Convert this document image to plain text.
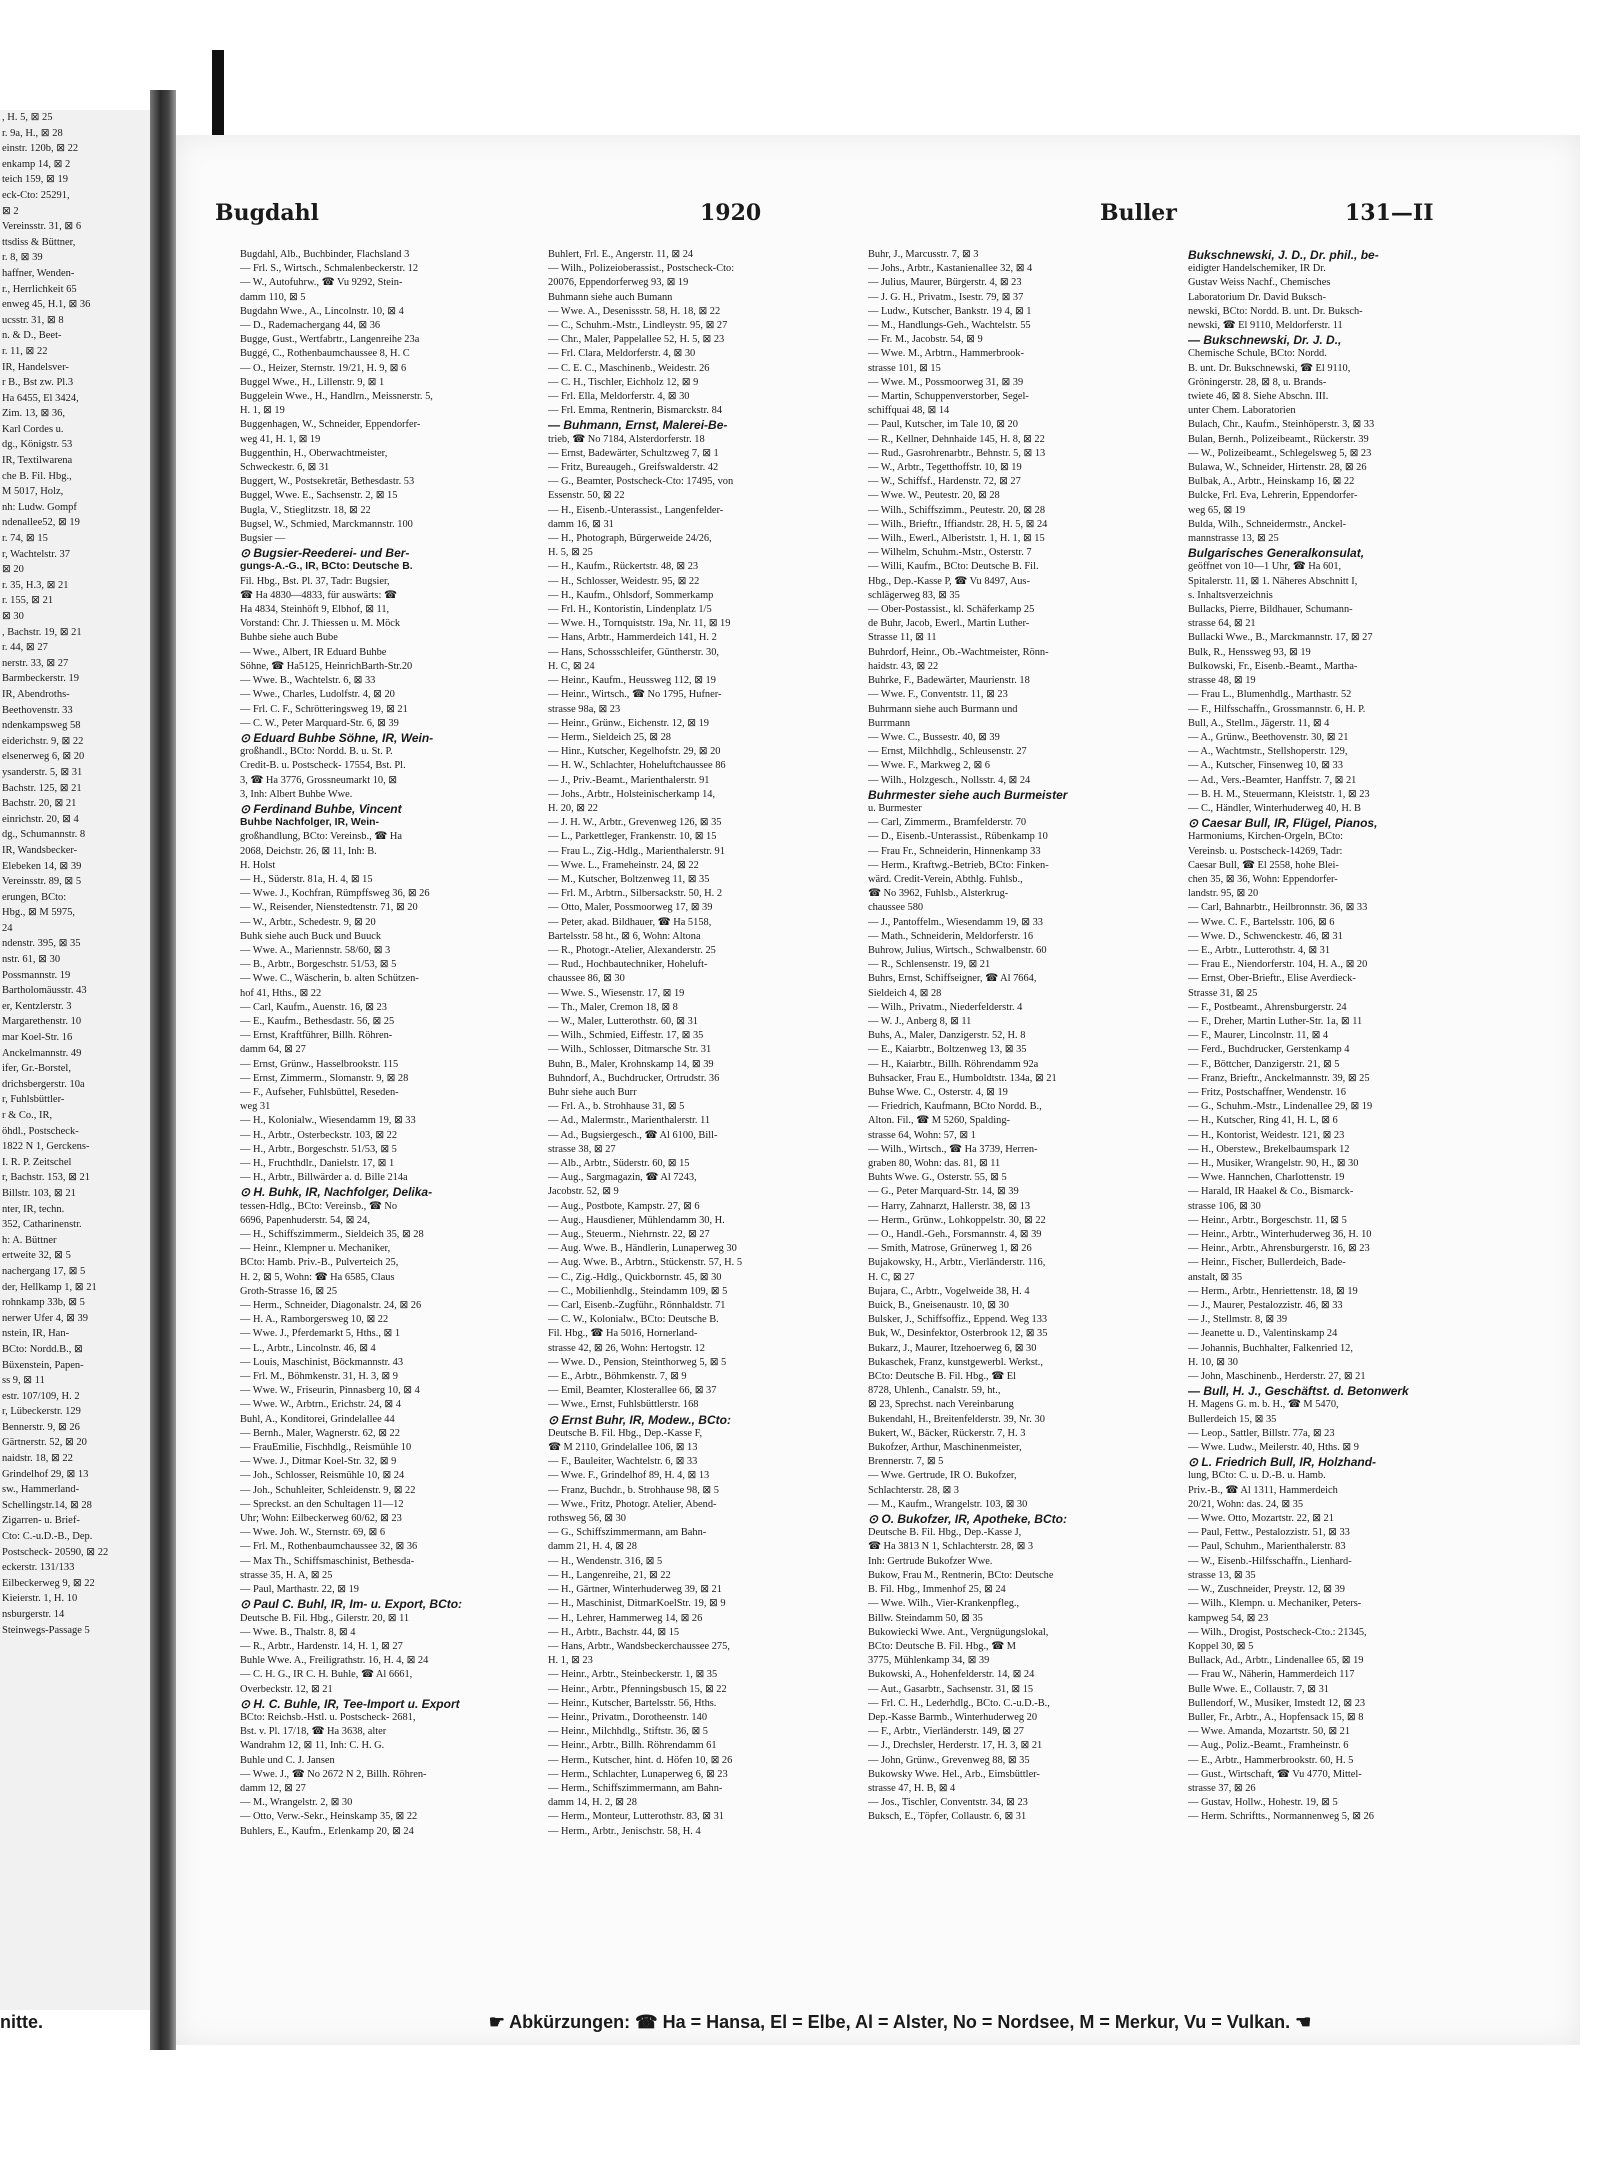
, H. 5, ⊠ 25
r. 9a, H., ⊠ 28
einstr. 120b, ⊠ 22
enkamp 14, ⊠ 2
teich 159, ⊠ 19
eck-Cto: 25291,
⊠ 2
Vereinsstr. 31, ⊠ 6
ttsdiss & Büttner,
r. 8, ⊠ 39
haffner, Wenden-
r., Herrlichkeit 65
enweg 45, H.1, ⊠ 36
ucsstr. 31, ⊠ 8
n. & D., Beet-
r. 11, ⊠ 22
IR, Handelsver-
r B., Bst zw. Pl.3
Ha 6455, El 3424,
Zim. 13, ⊠ 36,
Karl Cordes u.
dg., Königstr. 53
IR, Textilwarena
che B. Fil. Hbg.,
M 5017, Holz,
nh: Ludw. Gompf
ndenallee52, ⊠ 19
r. 74, ⊠ 15
r, Wachtelstr. 37
⊠ 20
r. 35, H.3, ⊠ 21
r. 155, ⊠ 21
⊠ 30
, Bachstr. 19, ⊠ 21
r. 44, ⊠ 27
nerstr. 33, ⊠ 27
Barmbeckerstr. 19
IR, Abendroths-
Beethovenstr. 33
ndenkampsweg 58
eiderichstr. 9, ⊠ 22
elsenerweg 6, ⊠ 20
ysanderstr. 5, ⊠ 31
Bachstr. 125, ⊠ 21
Bachstr. 20, ⊠ 21
einrichstr. 20, ⊠ 4
dg., Schumannstr. 8
IR, Wandsbecker-
Elebeken 14, ⊠ 39
Vereinsstr. 89, ⊠ 5
erungen, BCto:
Hbg., ⊠ M 5975,
24
ndenstr. 395, ⊠ 35
nstr. 61, ⊠ 30
Possmannstr. 19
Bartholomäusstr. 43
er, Kentzlerstr. 3
Margarethenstr. 10
mar Koel-Str. 16
Anckelmannstr. 49
ifer, Gr.-Borstel,
drichsbergerstr. 10a
r, Fuhlsbüttler-
r & Co., IR,
öhdl., Postscheck-
1822 N 1, Gerckens-
I. R. P. Zeitschel
r, Bachstr. 153, ⊠ 21
Billstr. 103, ⊠ 21
nter, IR, techn.
352, Catharinenstr.
h: A. Büttner
ertweite 32, ⊠ 5
nachergang 17, ⊠ 5
der, Hellkamp 1, ⊠ 21
rohnkamp 33b, ⊠ 5
nerwer Ufer 4, ⊠ 39
nstein, IR, Han-
BCto: Nordd.B., ⊠
Büxenstein, Papen-
ss 9, ⊠ 11
estr. 107/109, H. 2
r, Lübeckerstr. 129
Bennerstr. 9, ⊠ 26
Gärtnerstr. 52, ⊠ 20
naidstr. 18, ⊠ 22
Grindelhof 29, ⊠ 13
sw., Hammerland-
Schellingstr.14, ⊠ 28
Zigarren- u. Brief-
Cto: C.-u.D.-B., Dep.
Postscheck- 20590, ⊠ 22
eckerstr. 131/133
Eilbeckerweg 9, ⊠ 22
Kieierstr. 1, H. 10
nsburgerstr. 14
Steinwegs-Passage 5
Bugdahl	1920	Buller	131—II

Bugdahl, Alb., Buchbinder, Flachsland 3

— Frl. S., Wirtsch., Schmalenbeckerstr. 12

— W., Autofuhrw., ☎ Vu 9292, Stein-

damm 110, ⊠ 5

Bugdahn Wwe., A., Lincolnstr. 10, ⊠ 4

— D., Rademachergang 44, ⊠ 36

Bugge, Gust., Wertfabrtr., Langenreihe 23a

Buggé, C., Rothenbaumchaussee 8, H. C

— O., Heizer, Sternstr. 19/21, H. 9, ⊠ 6

Buggel Wwe., H., Lillenstr. 9, ⊠ 1

Buggelein Wwe., H., Handlrn., Meissnerstr. 5,

H. 1, ⊠ 19

Buggenhagen, W., Schneider, Eppendorfer-

weg 41, H. 1, ⊠ 19

Buggenthin, H., Oberwachtmeister,

Schweckestr. 6, ⊠ 31

Buggert, W., Postsekretär, Bethesdastr. 53

Buggel, Wwe. E., Sachsenstr. 2, ⊠ 15

Bugla, V., Stieglitzstr. 18, ⊠ 22

Bugsel, W., Schmied, Marckmannstr. 100

Bugsier —

⊙ Bugsier-Reederei- und Ber-

gungs-A.-G., IR, BCto: Deutsche B.

Fil. Hbg., Bst. Pl. 37, Tadr: Bugsier,

☎ Ha 4830—4833, für auswärts: ☎

Ha 4834, Steinhöft 9, Elbhof, ⊠ 11,

Vorstand: Chr. J. Thiessen u. M. Möck

Buhbe siehe auch Bube

— Wwe., Albert, IR Eduard Buhbe

Söhne, ☎ Ha5125, HeinrichBarth-Str.20

— Wwe. B., Wachtelstr. 6, ⊠ 33

— Wwe., Charles, Ludolfstr. 4, ⊠ 20

— Frl. C. F., Schrötteringsweg 19, ⊠ 21

— C. W., Peter Marquard-Str. 6, ⊠ 39

⊙ Eduard Buhbe Söhne, IR, Wein-

großhandl., BCto: Nordd. B. u. St. P.

Credit-B. u. Postscheck- 17554, Bst. Pl.

3, ☎ Ha 3776, Grossneumarkt 10, ⊠

3, Inh: Albert Buhbe Wwe.

⊙ Ferdinand Buhbe, Vincent

Buhbe Nachfolger, IR, Wein-

großhandlung, BCto: Vereinsb., ☎ Ha

2068, Deichstr. 26, ⊠ 11, Inh: B.

H. Holst

— H., Süderstr. 81a, H. 4, ⊠ 15

— Wwe. J., Kochfran, Rümpffsweg 36, ⊠ 26

— W., Reisender, Nienstedtenstr. 71, ⊠ 20

— W., Arbtr., Schedestr. 9, ⊠ 20

Buhk siehe auch Buck und Buuck

— Wwe. A., Mariennstr. 58/60, ⊠ 3

— B., Arbtr., Borgeschstr. 51/53, ⊠ 5

— Wwe. C., Wäscherin, b. alten Schützen-

hof 41, Hths., ⊠ 22

— Carl, Kaufm., Auenstr. 16, ⊠ 23

— E., Kaufm., Bethesdastr. 56, ⊠ 25

— Ernst, Kraftführer, Billh. Röhren-

damm 64, ⊠ 27

— Ernst, Grünw., Hasselbrookstr. 115

— Ernst, Zimmerm., Slomanstr. 9, ⊠ 28

— F., Aufseher, Fuhlsbüttel, Reseden-

weg 31

— H., Kolonialw., Wiesendamm 19, ⊠ 33

— H., Arbtr., Osterbeckstr. 103, ⊠ 22

— H., Arbtr., Borgeschstr. 51/53, ⊠ 5

— H., Fruchthdlr., Danielstr. 17, ⊠ 1

— H., Arbtr., Billwärder a. d. Bille 214a

⊙ H. Buhk, IR, Nachfolger, Delika-

tessen-Hdlg., BCto: Vereinsb., ☎ No

6696, Papenhuderstr. 54, ⊠ 24,

— H., Schiffszimmerm., Sieldeich 35, ⊠ 28

— Heinr., Klempner u. Mechaniker,

BCto: Hamb. Priv.-B., Pulverteich 25,

H. 2, ⊠ 5, Wohn: ☎ Ha 6585, Claus

Groth-Strasse 16, ⊠ 25

— Herm., Schneider, Diagonalstr. 24, ⊠ 26

— H. A., Ramborgersweg 10, ⊠ 22

— Wwe. J., Pferdemarkt 5, Hths., ⊠ 1

— L., Arbtr., Lincolnstr. 46, ⊠ 4

— Louis, Maschinist, Böckmannstr. 43

— Frl. M., Böhmkenstr. 31, H. 3, ⊠ 9

— Wwe. W., Friseurin, Pinnasberg 10, ⊠ 4

— Wwe. W., Arbtrn., Erichstr. 24, ⊠ 4

Buhl, A., Konditorei, Grindelallee 44

— Bernh., Maler, Wagnerstr. 62, ⊠ 22

— FrauEmilie, Fischhdlg., Reismühle 10

— Wwe. J., Ditmar Koel-Str. 32, ⊠ 9

— Joh., Schlosser, Reismühle 10, ⊠ 24

— Joh., Schuhleiter, Schleidenstr. 9, ⊠ 22

— Spreckst. an den Schultagen 11—12

Uhr; Wohn: Eilbeckerweg 60/62, ⊠ 23

— Wwe. Joh. W., Sternstr. 69, ⊠ 6

— Frl. M., Rothenbaumchaussee 32, ⊠ 36

— Max Th., Schiffsmaschinist, Bethesda-

strasse 35, H. A, ⊠ 25

— Paul, Marthastr. 22, ⊠ 19

⊙ Paul C. Buhl, IR, Im- u. Export, BCto:

Deutsche B. Fil. Hbg., Gilerstr. 20, ⊠ 11

— Wwe. B., Thalstr. 8, ⊠ 4

— R., Arbtr., Hardenstr. 14, H. 1, ⊠ 27

Buhle Wwe. A., Freiligrathstr. 16, H. 4, ⊠ 24

— C. H. G., IR C. H. Buhle, ☎ Al 6661,

Overbeckstr. 12, ⊠ 21

⊙ H. C. Buhle, IR, Tee-Import u. Export

BCto: Reichsb.-Hstl. u. Postscheck- 2681,

Bst. v. Pl. 17/18, ☎ Ha 3638, alter

Wandrahm 12, ⊠ 11, Inh: C. H. G.

Buhle und C. J. Jansen

— Wwe. J., ☎ No 2672 N 2, Billh. Röhren-

damm 12, ⊠ 27

— M., Wrangelstr. 2, ⊠ 30

— Otto, Verw.-Sekr., Heinskamp 35, ⊠ 22

Buhlers, E., Kaufm., Erlenkamp 20, ⊠ 24

Buhlert, Frl. E., Angerstr. 11, ⊠ 24

— Wilh., Polizeioberassist., Postscheck-Cto:

20076, Eppendorferweg 93, ⊠ 19

Buhmann siehe auch Bumann

— Wwe. A., Desenissstr. 58, H. 18, ⊠ 22

— C., Schuhm.-Mstr., Lindleystr. 95, ⊠ 27

— Chr., Maler, Pappelallee 52, H. 5, ⊠ 23

— Frl. Clara, Meldorferstr. 4, ⊠ 30

— C. E. C., Maschinenb., Weidestr. 26

— C. H., Tischler, Eichholz 12, ⊠ 9

— Frl. Ella, Meldorferstr. 4, ⊠ 30

— Frl. Emma, Rentnerin, Bismarckstr. 84

— Buhmann, Ernst, Malerei-Be-

trieb, ☎ No 7184, Alsterdorferstr. 18

— Ernst, Badewärter, Schultzweg 7, ⊠ 1

— Fritz, Bureaugeh., Greifswalderstr. 42

— G., Beamter, Postscheck-Cto: 17495, von

Essenstr. 50, ⊠ 22

— H., Eisenb.-Unterassist., Langenfelder-

damm 16, ⊠ 31

— H., Photograph, Bürgerweide 24/26,

H. 5, ⊠ 25

— H., Kaufm., Rückertstr. 48, ⊠ 23

— H., Schlosser, Weidestr. 95, ⊠ 22

— H., Kaufm., Ohlsdorf, Sommerkamp

— Frl. H., Kontoristin, Lindenplatz 1/5

— Wwe. H., Tornquiststr. 19a, Nr. 11, ⊠ 19

— Hans, Arbtr., Hammerdeich 141, H. 2

— Hans, Schossschleifer, Güntherstr. 30,

H. C, ⊠ 24

— Heinr., Kaufm., Heussweg 112, ⊠ 19

— Heinr., Wirtsch., ☎ No 1795, Hufner-

strasse 98a, ⊠ 23

— Heinr., Grünw., Eichenstr. 12, ⊠ 19

— Herm., Sieldeich 25, ⊠ 28

— Hinr., Kutscher, Kegelhofstr. 29, ⊠ 20

— H. W., Schlachter, Hoheluftchaussee 86

— J., Priv.-Beamt., Marienthalerstr. 91

— Johs., Arbtr., Holsteinischerkamp 14,

H. 20, ⊠ 22

— J. H. W., Arbtr., Grevenweg 126, ⊠ 35

— L., Parkettleger, Frankenstr. 10, ⊠ 15

— Frau L., Zig.-Hdlg., Marienthalerstr. 91

— Wwe. L., Frameheinstr. 24, ⊠ 22

— M., Kutscher, Boltzenweg 11, ⊠ 35

— Frl. M., Arbtrn., Silbersackstr. 50, H. 2

— Otto, Maler, Possmoorweg 17, ⊠ 39

— Peter, akad. Bildhauer, ☎ Ha 5158,

Bartelsstr. 58 ht., ⊠ 6, Wohn: Altona

— R., Photogr.-Atelier, Alexanderstr. 25

— Rud., Hochbautechniker, Hoheluft-

chaussee 86, ⊠ 30

— Wwe. S., Wiesenstr. 17, ⊠ 19

— Th., Maler, Cremon 18, ⊠ 8

— W., Maler, Lutterothstr. 60, ⊠ 31

— Wilh., Schmied, Eiffestr. 17, ⊠ 35

— Wilh., Schlosser, Ditmarsche Str. 31

Buhn, B., Maler, Krohnskamp 14, ⊠ 39

Buhndorf, A., Buchdrucker, Ortrudstr. 36

Buhr siehe auch Burr

— Frl. A., b. Strohhause 31, ⊠ 5

— Ad., Malermstr., Marienthalerstr. 11

— Ad., Bugsiergesch., ☎ Al 6100, Bill-

strasse 38, ⊠ 27

— Alb., Arbtr., Süderstr. 60, ⊠ 15

— Aug., Sargmagazin, ☎ Al 7243,

Jacobstr. 52, ⊠ 9

— Aug., Postbote, Kampstr. 27, ⊠ 6

— Aug., Hausdiener, Mühlendamm 30, H.

— Aug., Steuerm., Niehrnstr. 22, ⊠ 27

— Aug. Wwe. B., Händlerin, Lunaperweg 30

— Aug. Wwe. B., Arbtrn., Stückenstr. 57, H. 5

— C., Zig.-Hdlg., Quickbornstr. 45, ⊠ 30

— C., Mobilienhdlg., Steindamm 109, ⊠ 5

— Carl, Eisenb.-Zugführ., Rönnhaldstr. 71

— C. W., Kolonialw., BCto: Deutsche B.

Fil. Hbg., ☎ Ha 5016, Hornerland-

strasse 42, ⊠ 26, Wohn: Hertogstr. 12

— Wwe. D., Pension, Steinthorweg 5, ⊠ 5

— E., Arbtr., Böhmkenstr. 7, ⊠ 9

— Emil, Beamter, Klosterallee 66, ⊠ 37

— Wwe., Ernst, Fuhlsbüttlerstr. 168

⊙ Ernst Buhr, IR, Modew., BCto:

Deutsche B. Fil. Hbg., Dep.-Kasse F,

☎ M 2110, Grindelallee 106, ⊠ 13

— F., Bauleiter, Wachtelstr. 6, ⊠ 33

— Wwe. F., Grindelhof 89, H. 4, ⊠ 13

— Franz, Buchdr., b. Strohhause 98, ⊠ 5

— Wwe., Fritz, Photogr. Atelier, Abend-

rothsweg 56, ⊠ 30

— G., Schiffszimmermann, am Bahn-

damm 21, H. 4, ⊠ 28

— H., Wendenstr. 316, ⊠ 5

— H., Langenreihe, 21, ⊠ 22

— H., Gärtner, Winterhuderweg 39, ⊠ 21

— H., Maschinist, DitmarKoelStr. 19, ⊠ 9

— H., Lehrer, Hammerweg 14, ⊠ 26

— H., Arbtr., Bachstr. 44, ⊠ 15

— Hans, Arbtr., Wandsbeckerchaussee 275,

H. 1, ⊠ 23

— Heinr., Arbtr., Steinbeckerstr. 1, ⊠ 35

— Heinr., Arbtr., Pfenningsbusch 15, ⊠ 22

— Heinr., Kutscher, Bartelsstr. 56, Hths.

— Heinr., Privatm., Dorotheenstr. 140

— Heinr., Milchhdlg., Stiftstr. 36, ⊠ 5

— Heinr., Arbtr., Billh. Röhrendamm 61

— Herm., Kutscher, hint. d. Höfen 10, ⊠ 26

— Herm., Schlachter, Lunaperweg 6, ⊠ 23

— Herm., Schiffszimmermann, am Bahn-

damm 14, H. 2, ⊠ 28

— Herm., Monteur, Lutterothstr. 83, ⊠ 31

— Herm., Arbtr., Jenischstr. 58, H. 4

Buhr, J., Marcusstr. 7, ⊠ 3

— Johs., Arbtr., Kastanienallee 32, ⊠ 4

— Julius, Maurer, Bürgerstr. 4, ⊠ 23

— J. G. H., Privatm., Isestr. 79, ⊠ 37

— Ludw., Kutscher, Bankstr. 19 4, ⊠ 1

— M., Handlungs-Geh., Wachtelstr. 55

— Fr. M., Jacobstr. 54, ⊠ 9

— Wwe. M., Arbtrn., Hammerbrook-

strasse 101, ⊠ 15

— Wwe. M., Possmoorweg 31, ⊠ 39

— Martin, Schuppenverstorber, Segel-

schiffquai 48, ⊠ 14

— Paul, Kutscher, im Tale 10, ⊠ 20

— R., Kellner, Dehnhaide 145, H. 8, ⊠ 22

— Rud., Gasrohrenarbtr., Behnstr. 5, ⊠ 13

— W., Arbtr., Tegetthoffstr. 10, ⊠ 19

— W., Schiffsf., Hardenstr. 72, ⊠ 27

— Wwe. W., Peutestr. 20, ⊠ 28

— Wilh., Schiffszimm., Peutestr. 20, ⊠ 28

— Wilh., Brieftr., Iffiandstr. 28, H. 5, ⊠ 24

— Wilh., Ewerl., Alberiststr. 1, H. 1, ⊠ 15

— Wilhelm, Schuhm.-Mstr., Osterstr. 7

— Willi, Kaufm., BCto: Deutsche B. Fil.

Hbg., Dep.-Kasse P, ☎ Vu 8497, Aus-

schlägerweg 83, ⊠ 35

— Ober-Postassist., kl. Schäferkamp 25

de Buhr, Jacob, Ewerl., Martin Luther-

Strasse 11, ⊠ 11

Buhrdorf, Heinr., Ob.-Wachtmeister, Rönn-

haidstr. 43, ⊠ 22

Buhrke, F., Badewärter, Maurienstr. 18

— Wwe. F., Conventstr. 11, ⊠ 23

Buhrmann siehe auch Burmann und

Burrmann

— Wwe. C., Bussestr. 40, ⊠ 39

— Ernst, Milchhdlg., Schleusenstr. 27

— Wwe. F., Markweg 2, ⊠ 6

— Wilh., Holzgesch., Nollsstr. 4, ⊠ 24

Buhrmester siehe auch Burmeister

u. Burmester

— Carl, Zimmerm., Bramfelderstr. 70

— D., Eisenb.-Unterassist., Rübenkamp 10

— Frau Fr., Schneiderin, Hinnenkamp 33

— Herm., Kraftwg.-Betrieb, BCto: Finken-

wärd. Credit-Verein, Abthlg. Fuhlsb.,

☎ No 3962, Fuhlsb., Alsterkrug-

chaussee 580

— J., Pantoffelm., Wiesendamm 19, ⊠ 33

— Math., Schneiderin, Meldorferstr. 16

Buhrow, Julius, Wirtsch., Schwalbenstr. 60

— R., Schlensenstr. 19, ⊠ 21

Buhrs, Ernst, Schiffseigner, ☎ Al 7664,

Sieldeich 4, ⊠ 28

— Wilh., Privatm., Niederfelderstr. 4

— W. J., Anberg 8, ⊠ 11

Buhs, A., Maler, Danzigerstr. 52, H. 8

— E., Kaiarbtr., Boltzenweg 13, ⊠ 35

— H., Kaiarbtr., Billh. Röhrendamm 92a

Buhsacker, Frau E., Humboldtstr. 134a, ⊠ 21

Buhse Wwe. C., Osterstr. 4, ⊠ 19

— Friedrich, Kaufmann, BCto Nordd. B.,

Alton. Fil., ☎ M 5260, Spalding-

strasse 64, Wohn: 57, ⊠ 1

— Wilh., Wirtsch., ☎ Ha 3739, Herren-

graben 80, Wohn: das. 81, ⊠ 11

Buhts Wwe. G., Osterstr. 55, ⊠ 5

— G., Peter Marquard-Str. 14, ⊠ 39

— Harry, Zahnarzt, Hallerstr. 38, ⊠ 13

— Herm., Grünw., Lohkoppelstr. 30, ⊠ 22

— O., Handl.-Geh., Forsmannstr. 4, ⊠ 39

— Smith, Matrose, Grünerweg 1, ⊠ 26

Bujakowsky, H., Arbtr., Vierländerstr. 116,

H. C, ⊠ 27

Bujara, C., Arbtr., Vogelweide 38, H. 4

Buick, B., Gneisenaustr. 10, ⊠ 30

Bulsker, J., Schiffsoffiz., Eppend. Weg 133

Buk, W., Desinfektor, Osterbrook 12, ⊠ 35

Bukarz, J., Maurer, Itzehoerweg 6, ⊠ 30

Bukaschek, Franz, kunstgewerbl. Werkst.,

BCto: Deutsche B. Fil. Hbg., ☎ El

8728, Uhlenh., Canalstr. 59, ht.,

⊠ 23, Sprechst. nach Vereinbarung

Bukendahl, H., Breitenfelderstr. 39, Nr. 30

Bukert, W., Bäcker, Rückerstr. 7, H. 3

Bukofzer, Arthur, Maschinenmeister,

Brennerstr. 7, ⊠ 5

— Wwe. Gertrude, IR O. Bukofzer,

Schlachterstr. 28, ⊠ 3

— M., Kaufm., Wrangelstr. 103, ⊠ 30

⊙ O. Bukofzer, IR, Apotheke, BCto:

Deutsche B. Fil. Hbg., Dep.-Kasse J,

☎ Ha 3813 N 1, Schlachterstr. 28, ⊠ 3

Inh: Gertrude Bukofzer Wwe.

Bukow, Frau M., Rentnerin, BCto: Deutsche

B. Fil. Hbg., Immenhof 25, ⊠ 24

— Wwe. Wilh., Vier-Krankenpfleg.,

Billw. Steindamm 50, ⊠ 35

Bukowiecki Wwe. Ant., Vergnügungslokal,

BCto: Deutsche B. Fil. Hbg., ☎ M

3775, Mühlenkamp 34, ⊠ 39

Bukowski, A., Hohenfelderstr. 14, ⊠ 24

— Aut., Gasarbtr., Sachsenstr. 31, ⊠ 15

— Frl. C. H., Lederhdlg., BCto. C.-u.D.-B.,

Dep.-Kasse Barmb., Winterhuderweg 20

— F., Arbtr., Vierländerstr. 149, ⊠ 27

— J., Drechsler, Herderstr. 17, H. 3, ⊠ 21

— John, Grünw., Grevenweg 88, ⊠ 35

Bukowsky Wwe. Hel., Arb., Eimsbüttler-

strasse 47, H. B, ⊠ 4

— Jos., Tischler, Conventstr. 34, ⊠ 23

Buksch, E., Töpfer, Collaustr. 6, ⊠ 31

Bukschnewski, J. D., Dr. phil., be-

eidigter Handelschemiker, IR Dr.

Gustav Weiss Nachf., Chemisches

Laboratorium Dr. David Buksch-

newski, BCto: Nordd. B. unt. Dr. Buksch-

newski, ☎ El 9110, Meldorferstr. 11

— Bukschnewski, Dr. J. D.,

Chemische Schule, BCto: Nordd.

B. unt. Dr. Bukschnewski, ☎ El 9110,

Gröningerstr. 28, ⊠ 8, u. Brands-

twiete 46, ⊠ 8. Siehe Abschn. III.

unter Chem. Laboratorien

Bulach, Chr., Kaufm., Steinhöperstr. 3, ⊠ 33

Bulan, Bernh., Polizeibeamt., Rückerstr. 39

— W., Polizeibeamt., Schlegelsweg 5, ⊠ 23

Bulawa, W., Schneider, Hirtenstr. 28, ⊠ 26

Bulbak, A., Arbtr., Heinskamp 16, ⊠ 22

Bulcke, Frl. Eva, Lehrerin, Eppendorfer-

weg 65, ⊠ 19

Bulda, Wilh., Schneidermstr., Anckel-

mannstrasse 13, ⊠ 25

Bulgarisches Generalkonsulat,

geöffnet von 10—1 Uhr, ☎ Ha 601,

Spitalerstr. 11, ⊠ 1. Näheres Abschnitt I,

s. Inhaltsverzeichnis

Bullacks, Pierre, Bildhauer, Schumann-

strasse 64, ⊠ 21

Bullacki Wwe., B., Marckmannstr. 17, ⊠ 27

Bulk, R., Henssweg 93, ⊠ 19

Bulkowski, Fr., Eisenb.-Beamt., Martha-

strasse 48, ⊠ 19

— Frau L., Blumenhdlg., Marthastr. 52

— F., Hilfsschaffn., Grossmannstr. 6, H. P.

Bull, A., Stellm., Jägerstr. 11, ⊠ 4

— A., Grünw., Beethovenstr. 30, ⊠ 21

— A., Wachtmstr., Stellshoperstr. 129,

— A., Kutscher, Finsenweg 10, ⊠ 33

— Ad., Vers.-Beamter, Hanffstr. 7, ⊠ 21

— B. H. M., Steuermann, Kleiststr. 1, ⊠ 23

— C., Händler, Winterhuderweg 40, H. B

⊙ Caesar Bull, IR, Flügel, Pianos,

Harmoniums, Kirchen-Orgeln, BCto:

Vereinsb. u. Postscheck-14269, Tadr:

Caesar Bull, ☎ El 2558, hohe Blei-

chen 35, ⊠ 36, Wohn: Eppendorfer-

landstr. 95, ⊠ 20

— Carl, Bahnarbtr., Heilbronnstr. 36, ⊠ 33

— Wwe. C. F., Bartelsstr. 106, ⊠ 6

— Wwe. D., Schwenckestr. 46, ⊠ 31

— E., Arbtr., Lutterothstr. 4, ⊠ 31

— Frau E., Niendorferstr. 104, H. A., ⊠ 20

— Ernst, Ober-Brieftr., Elise Averdieck-

Strasse 31, ⊠ 25

— F., Postbeamt., Ahrensburgerstr. 24

— F., Dreher, Martin Luther-Str. 1a, ⊠ 11

— F., Maurer, Lincolnstr. 11, ⊠ 4

— Ferd., Buchdrucker, Gerstenkamp 4

— F., Böttcher, Danzigerstr. 21, ⊠ 5

— Franz, Brieftr., Anckelmannstr. 39, ⊠ 25

— Fritz, Postschaffner, Wendenstr. 16

— G., Schuhm.-Mstr., Lindenallee 29, ⊠ 19

— H., Kutscher, Ring 41, H. L, ⊠ 6

— H., Kontorist, Weidestr. 121, ⊠ 23

— H., Oberstew., Brekelbaumspark 12

— H., Musiker, Wrangelstr. 90, H., ⊠ 30

— Wwe. Hannchen, Charlottenstr. 19

— Harald, IR Haakel & Co., Bismarck-

strasse 106, ⊠ 30

— Heinr., Arbtr., Borgeschstr. 11, ⊠ 5

— Heinr., Arbtr., Winterhuderweg 36, H. 10

— Heinr., Arbtr., Ahrensburgerstr. 16, ⊠ 23

— Heinr., Fischer, Bullerdeich, Bade-

anstalt, ⊠ 35

— Herm., Arbtr., Henriettenstr. 18, ⊠ 19

— J., Maurer, Pestalozzistr. 46, ⊠ 33

— J., Stellmstr. 8, ⊠ 39

— Jeanette u. D., Valentinskamp 24

— Johannis, Buchhalter, Falkenried 12,

H. 10, ⊠ 30

— John, Maschinenb., Herderstr. 27, ⊠ 21

— Bull, H. J., Geschäftst. d. Betonwerk

H. Magens G. m. b. H., ☎ M 5470,

Bullerdeich 15, ⊠ 35

— Leop., Sattler, Billstr. 77a, ⊠ 23

— Wwe. Ludw., Meilerstr. 40, Hths. ⊠ 9

⊙ L. Friedrich Bull, IR, Holzhand-

lung, BCto: C. u. D.-B. u. Hamb.

Priv.-B., ☎ Al 1311, Hammerdeich

20/21, Wohn: das. 24, ⊠ 35

— Wwe. Otto, Mozartstr. 22, ⊠ 21

— Paul, Fettw., Pestalozzistr. 51, ⊠ 33

— Paul, Schuhm., Marienthalerstr. 83

— W., Eisenb.-Hilfsschaffn., Lienhard-

strasse 13, ⊠ 35

— W., Zuschneider, Preystr. 12, ⊠ 39

— Wilh., Klempn. u. Mechaniker, Peters-

kampweg 54, ⊠ 23

— Wilh., Drogist, Postscheck-Cto.: 21345,

Koppel 30, ⊠ 5

Bullack, Ad., Arbtr., Lindenallee 65, ⊠ 19

— Frau W., Näherin, Hammerdeich 117

Bulle Wwe. E., Collaustr. 7, ⊠ 31

Bullendorf, W., Musiker, Imstedt 12, ⊠ 23

Buller, Fr., Arbtr., A., Hopfensack 15, ⊠ 8

— Wwe. Amanda, Mozartstr. 50, ⊠ 21

— Aug., Poliz.-Beamt., Framheinstr. 6

— E., Arbtr., Hammerbrookstr. 60, H. 5

— Gust., Wirtschaft, ☎ Vu 4770, Mittel-

strasse 37, ⊠ 26

— Gustav, Hollw., Hohestr. 19, ⊠ 5

— Herm. Schriftts., Normannenweg 5, ⊠ 26

nitte.	☛ Abkürzungen: ☎ Ha = Hansa, El = Elbe, Al = Alster, No = Nordsee, M = Merkur, Vu = Vulkan. ☚
